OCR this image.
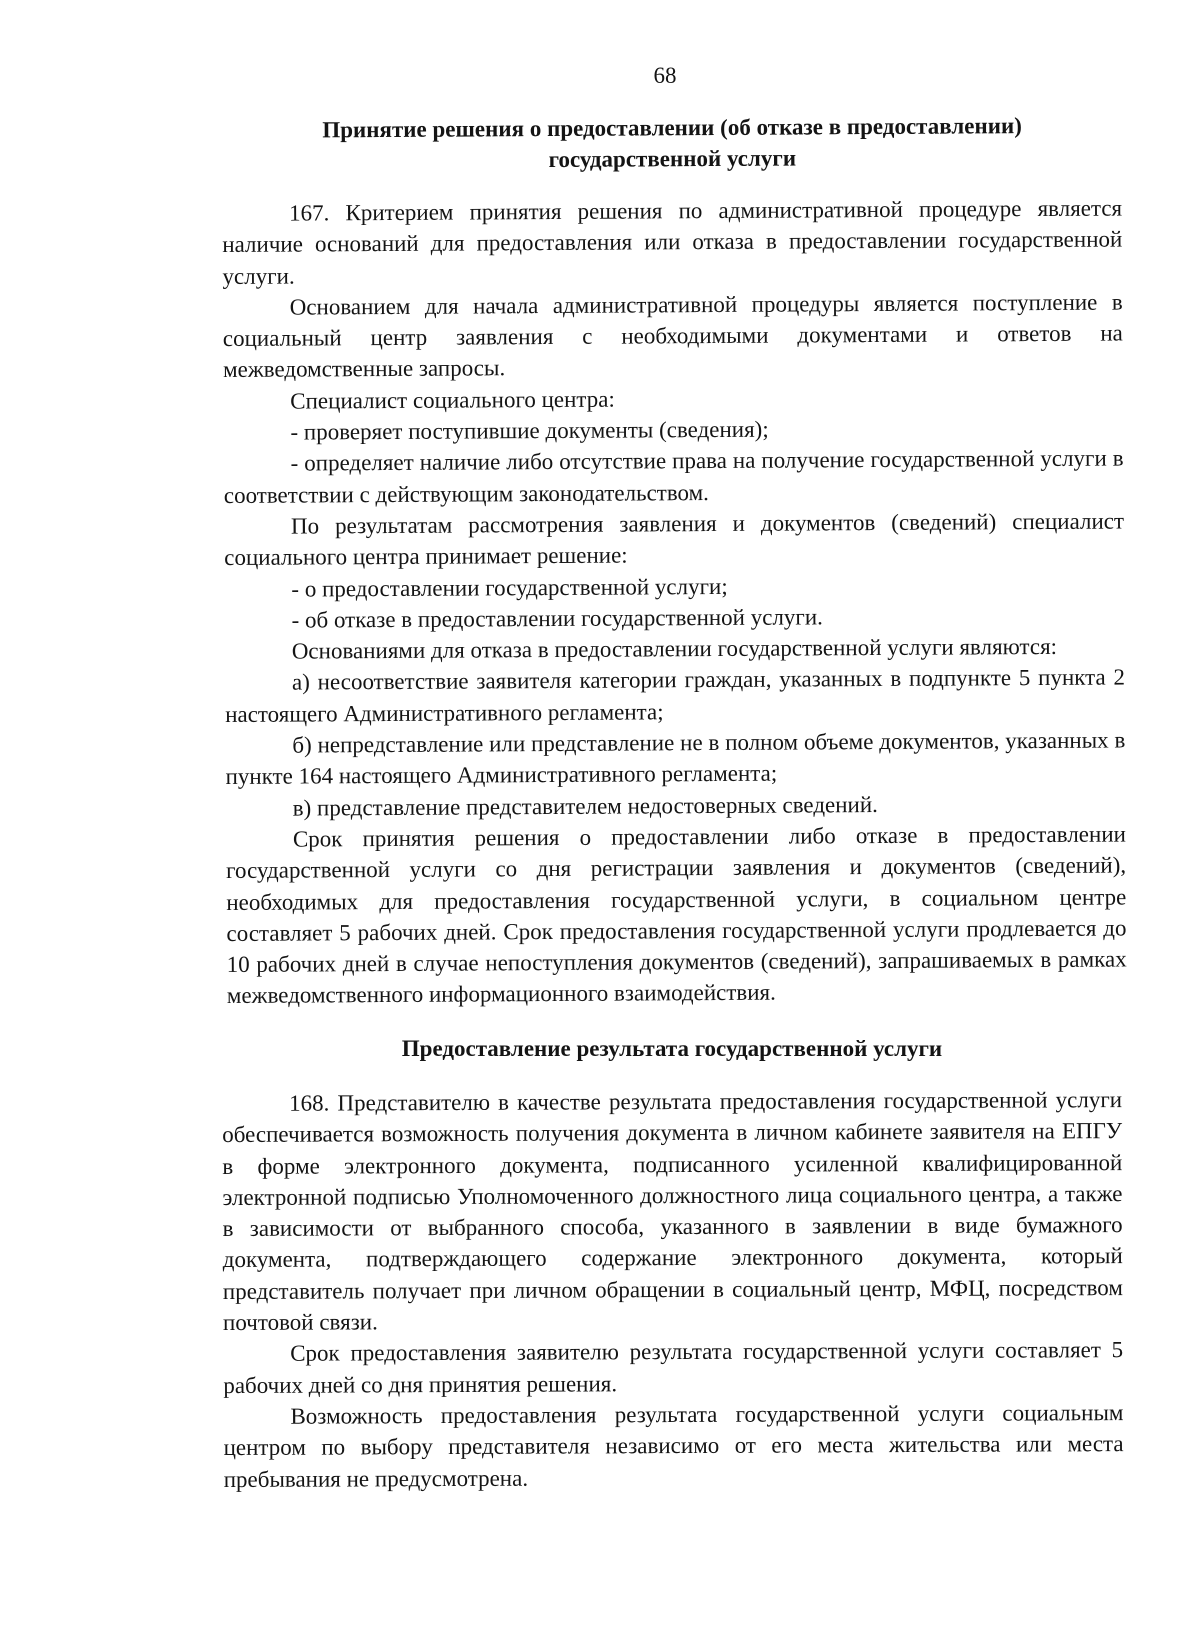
68

Принятие решения о предоставлении (об отказе в предоставлении)

государственной услуги

167. Критерием принятия решения по административной процедуре является наличие оснований для предоставления или отказа в предоставлении государственной услуги.

Основанием для начала административной процедуры является поступление в социальный центр заявления с необходимыми документами и ответов на межведомственные запросы.

Специалист социального центра:

- проверяет поступившие документы (сведения);

- определяет наличие либо отсутствие права на получение государственной услуги в соответствии с действующим законодательством.

По результатам рассмотрения заявления и документов (сведений) специалист социального центра принимает решение:

- о предоставлении государственной услуги;

- об отказе в предоставлении государственной услуги.

Основаниями для отказа в предоставлении государственной услуги являются:

а) несоответствие заявителя категории граждан, указанных в подпункте 5 пункта 2 настоящего Административного регламента;

б) непредставление или представление не в полном объеме документов, указанных в пункте 164 настоящего Административного регламента;

в) представление представителем недостоверных сведений.

Срок принятия решения о предоставлении либо отказе в предоставлении государственной услуги со дня регистрации заявления и документов (сведений), необходимых для предоставления государственной услуги, в социальном центре составляет 5 рабочих дней. Срок предоставления государственной услуги продлевается до 10 рабочих дней в случае непоступления документов (сведений), запрашиваемых в рамках межведомственного информационного взаимодействия.

Предоставление результата государственной услуги

168. Представителю в качестве результата предоставления государственной услуги обеспечивается возможность получения документа в личном кабинете заявителя на ЕПГУ в форме электронного документа, подписанного усиленной квалифицированной электронной подписью Уполномоченного должностного лица социального центра, а также в зависимости от выбранного способа, указанного в заявлении в виде бумажного документа, подтверждающего содержание электронного документа, который представитель получает при личном обращении в социальный центр, МФЦ, посредством почтовой связи.

Срок предоставления заявителю результата государственной услуги составляет 5 рабочих дней со дня принятия решения.

Возможность предоставления результата государственной услуги социальным центром по выбору представителя независимо от его места жительства или места пребывания не предусмотрена.
